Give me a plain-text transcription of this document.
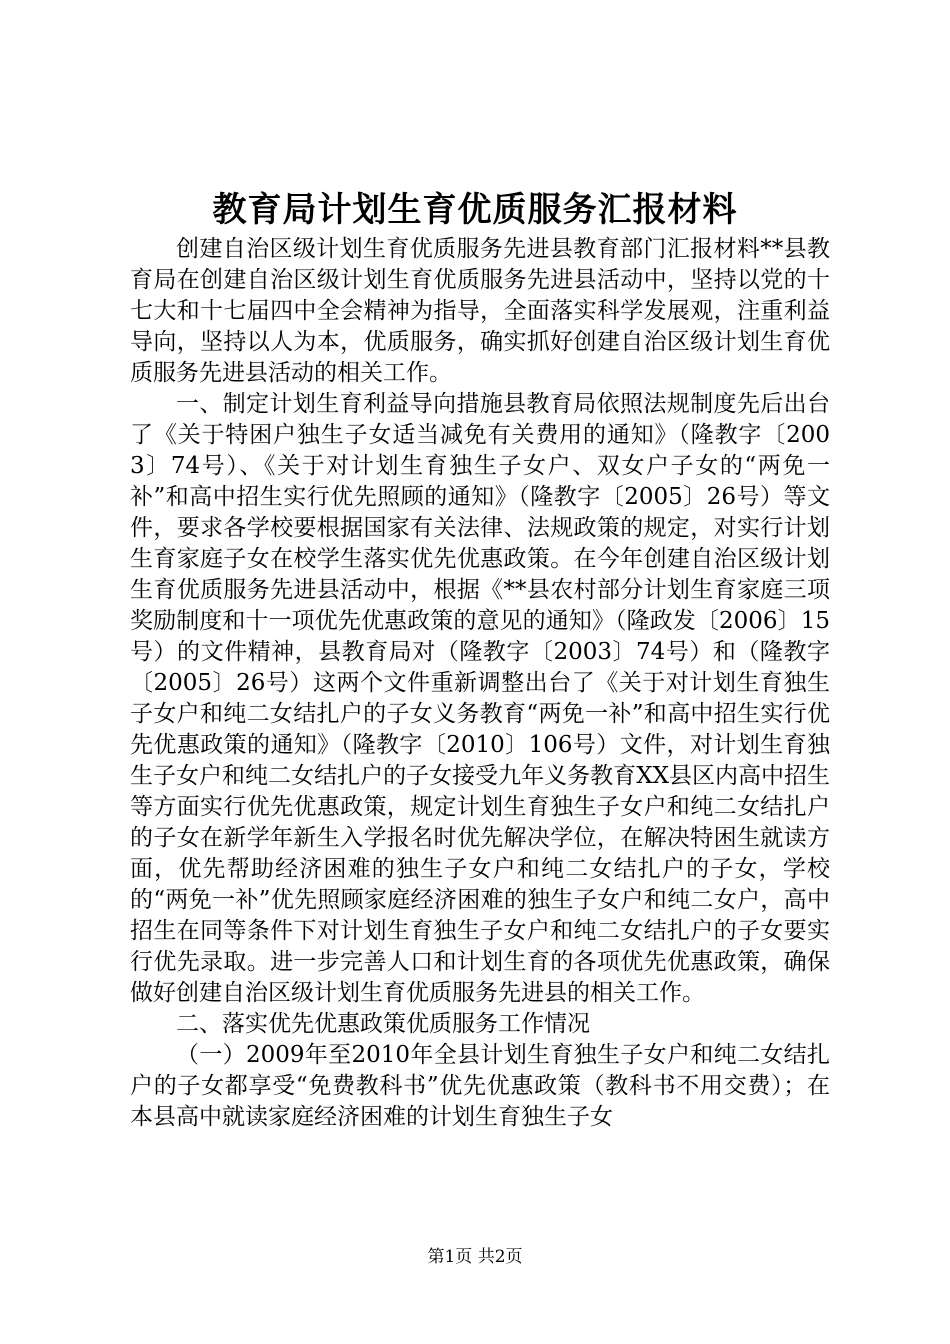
教育局计划生育优质服务汇报材料

创建自治区级计划生育优质服务先进县教育部门汇报材料**县教育局在创建自治区级计划生育优质服务先进县活动中，坚持以党的十七大和十七届四中全会精神为指导，全面落实科学发展观，注重利益导向，坚持以人为本，优质服务，确实抓好创建自治区级计划生育优质服务先进县活动的相关工作。

一、制定计划生育利益导向措施县教育局依照法规制度先后出台了《关于特困户独生子女适当减免有关费用的通知》（隆教字〔2003〕74号）、《关于对计划生育独生子女户、双女户子女的“两免一补”和高中招生实行优先照顾的通知》（隆教字〔2005〕26号）等文件，要求各学校要根据国家有关法律、法规政策的规定，对实行计划生育家庭子女在校学生落实优先优惠政策。在今年创建自治区级计划生育优质服务先进县活动中，根据《**县农村部分计划生育家庭三项奖励制度和十一项优先优惠政策的意见的通知》（隆政发〔2006〕15号）的文件精神，县教育局对（隆教字〔2003〕74号）和（隆教字〔2005〕26号）这两个文件重新调整出台了《关于对计划生育独生子女户和纯二女结扎户的子女义务教育“两免一补”和高中招生实行优先优惠政策的通知》（隆教字〔2010〕106号）文件，对计划生育独生子女户和纯二女结扎户的子女接受九年义务教育XX县区内高中招生等方面实行优先优惠政策，规定计划生育独生子女户和纯二女结扎户的子女在新学年新生入学报名时优先解决学位，在解决特困生就读方面，优先帮助经济困难的独生子女户和纯二女结扎户的子女，学校的“两免一补”优先照顾家庭经济困难的独生子女户和纯二女户，高中招生在同等条件下对计划生育独生子女户和纯二女结扎户的子女要实行优先录取。进一步完善人口和计划生育的各项优先优惠政策，确保做好创建自治区级计划生育优质服务先进县的相关工作。

二、落实优先优惠政策优质服务工作情况

（一）2009年至2010年全县计划生育独生子女户和纯二女结扎户的子女都享受“免费教科书”优先优惠政策（教科书不用交费）；在本县高中就读家庭经济困难的计划生育独生子女

第1页 共2页
